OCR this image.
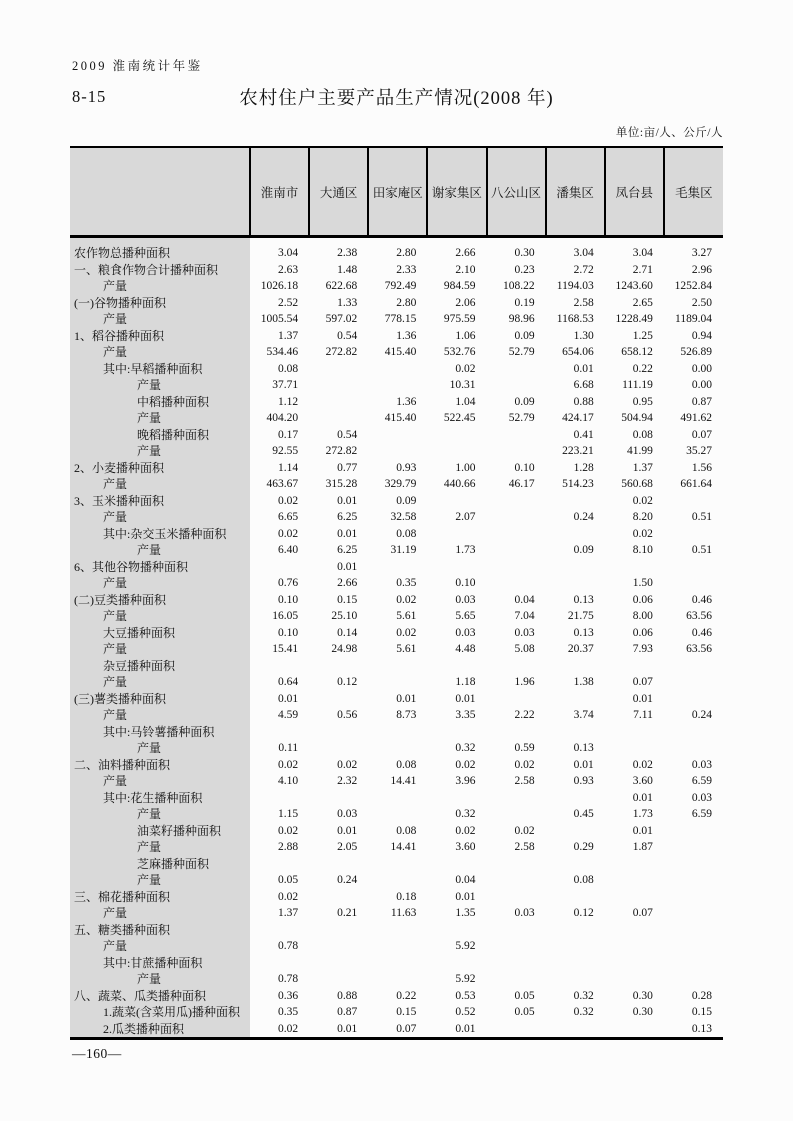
2009 淮南统计年鉴
8-15	农村住户主要产品生产情况(2008 年)
单位:亩/人、公斤/人
	淮南市	大通区	田家庵区	谢家集区	八公山区	潘集区	凤台县	毛集区

农作物总播种面积	3.04	2.38	2.80	2.66	0.30	3.04	3.04	3.27
一、粮食作物合计播种面积	2.63	1.48	2.33	2.10	0.23	2.72	2.71	2.96
产量	1026.18	622.68	792.49	984.59	108.22	1194.03	1243.60	1252.84
(一)谷物播种面积	2.52	1.33	2.80	2.06	0.19	2.58	2.65	2.50
产量	1005.54	597.02	778.15	975.59	98.96	1168.53	1228.49	1189.04
1、稻谷播种面积	1.37	0.54	1.36	1.06	0.09	1.30	1.25	0.94
产量	534.46	272.82	415.40	532.76	52.79	654.06	658.12	526.89
其中:早稻播种面积	0.08			0.02		0.01	0.22	0.00
产量	37.71			10.31		6.68	111.19	0.00
中稻播种面积	1.12		1.36	1.04	0.09	0.88	0.95	0.87
产量	404.20		415.40	522.45	52.79	424.17	504.94	491.62
晚稻播种面积	0.17	0.54				0.41	0.08	0.07
产量	92.55	272.82				223.21	41.99	35.27
2、小麦播种面积	1.14	0.77	0.93	1.00	0.10	1.28	1.37	1.56
产量	463.67	315.28	329.79	440.66	46.17	514.23	560.68	661.64
3、玉米播种面积	0.02	0.01	0.09				0.02	
产量	6.65	6.25	32.58	2.07		0.24	8.20	0.51
其中:杂交玉米播种面积	0.02	0.01	0.08				0.02	
产量	6.40	6.25	31.19	1.73		0.09	8.10	0.51
6、其他谷物播种面积		0.01						
产量	0.76	2.66	0.35	0.10			1.50	
(二)豆类播种面积	0.10	0.15	0.02	0.03	0.04	0.13	0.06	0.46
产量	16.05	25.10	5.61	5.65	7.04	21.75	8.00	63.56
大豆播种面积	0.10	0.14	0.02	0.03	0.03	0.13	0.06	0.46
产量	15.41	24.98	5.61	4.48	5.08	20.37	7.93	63.56
杂豆播种面积								
产量	0.64	0.12		1.18	1.96	1.38	0.07	
(三)薯类播种面积	0.01		0.01	0.01			0.01	
产量	4.59	0.56	8.73	3.35	2.22	3.74	7.11	0.24
其中:马铃薯播种面积								
产量	0.11			0.32	0.59	0.13		
二、油料播种面积	0.02	0.02	0.08	0.02	0.02	0.01	0.02	0.03
产量	4.10	2.32	14.41	3.96	2.58	0.93	3.60	6.59
其中:花生播种面积							0.01	0.03
产量	1.15	0.03		0.32		0.45	1.73	6.59
油菜籽播种面积	0.02	0.01	0.08	0.02	0.02		0.01	
产量	2.88	2.05	14.41	3.60	2.58	0.29	1.87	
芝麻播种面积								
产量	0.05	0.24		0.04		0.08		
三、棉花播种面积	0.02		0.18	0.01				
产量	1.37	0.21	11.63	1.35	0.03	0.12	0.07	
五、糖类播种面积								
产量	0.78			5.92				
其中:甘蔗播种面积								
产量	0.78			5.92				
八、蔬菜、瓜类播种面积	0.36	0.88	0.22	0.53	0.05	0.32	0.30	0.28
1.蔬菜(含菜用瓜)播种面积	0.35	0.87	0.15	0.52	0.05	0.32	0.30	0.15
2.瓜类播种面积	0.02	0.01	0.07	0.01				0.13
—160—
